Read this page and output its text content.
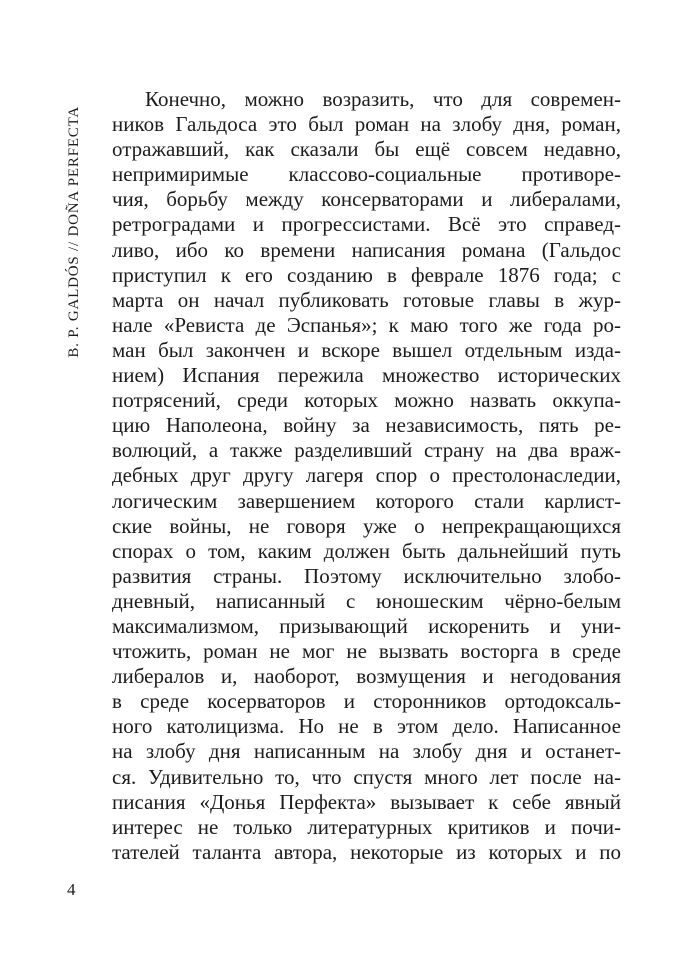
B. P. GALDÓS // DOÑA PERFECTA
Конечно, можно возразить, что для современ-
ников Гальдоса это был роман на злобу дня, роман,
отражавший, как сказали бы ещё совсем недавно,
непримиримые классово-социальные противоре-
чия, борьбу между консерваторами и либералами,
ретроградами и прогрессистами. Всё это справед-
ливо, ибо ко времени написания романа (Гальдос
приступил к его созданию в феврале 1876 года; с
марта он начал публиковать готовые главы в жур-
нале «Ревиста де Эспанья»; к маю того же года ро-
ман был закончен и вскоре вышел отдельным изда-
нием) Испания пережила множество исторических
потрясений, среди которых можно назвать оккупа-
цию Наполеона, войну за независимость, пять ре-
волюций, а также разделивший страну на два враж-
дебных друг другу лагеря спор о престолонаследии,
логическим завершением которого стали карлист-
ские войны, не говоря уже о непрекращающихся
спорах о том, каким должен быть дальнейший путь
развития страны. Поэтому исключительно злобо-
дневный, написанный с юношеским чёрно-белым
максимализмом, призывающий искоренить и уни-
чтожить, роман не мог не вызвать восторга в среде
либералов и, наоборот, возмущения и негодования
в среде косерваторов и сторонников ортодоксаль-
ного католицизма. Но не в этом дело. Написанное
на злобу дня написанным на злобу дня и останет-
ся. Удивительно то, что спустя много лет после на-
писания «Донья Перфекта» вызывает к себе явный
интерес не только литературных критиков и почи-
тателей таланта автора, некоторые из которых и по
4
